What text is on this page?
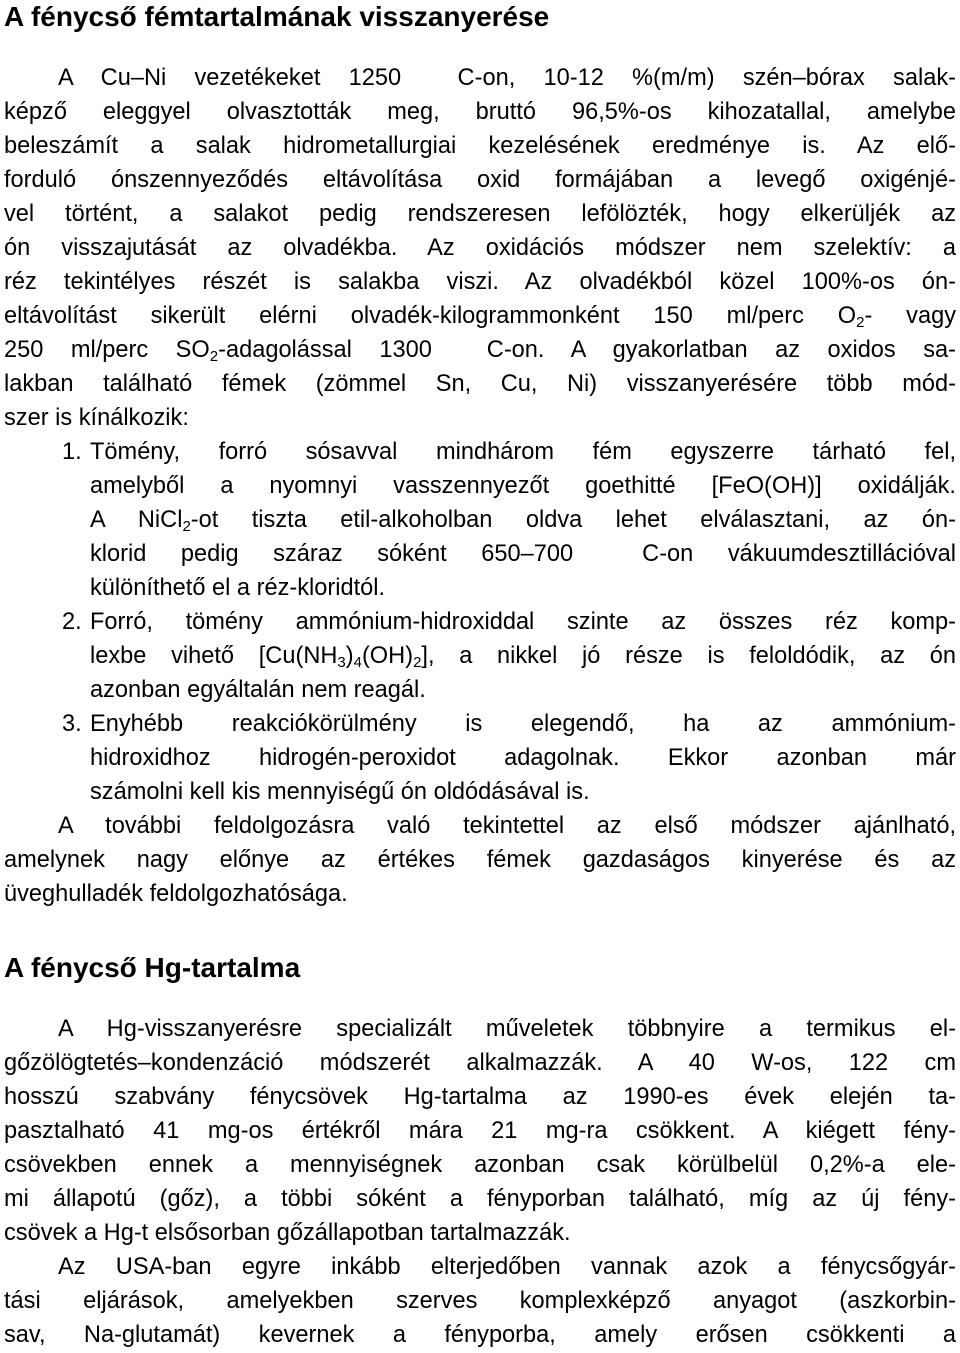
A fénycső fémtartalmának visszanyerése
A Cu–Ni vezetékeket 1250  C-on, 10-12 %(m/m) szén–bórax salak-
képző eleggyel olvasztották meg, bruttó 96,5%-os kihozatallal, amelybe
beleszámít a salak hidrometallurgiai kezelésének eredménye is. Az elő-
forduló ónszennyeződés eltávolítása oxid formájában a levegő oxigénjé-
vel történt, a salakot pedig rendszeresen lefölözték, hogy elkerüljék az
ón visszajutását az olvadékba. Az oxidációs módszer nem szelektív: a
réz tekintélyes részét is salakba viszi. Az olvadékból közel 100%-os ón-
eltávolítást sikerült elérni olvadék-kilogrammonként 150 ml/perc $O_2-$ vagy
250 ml/perc $SO_2$-adagolással 1300  C-on. A gyakorlatban az oxidos sa-
lakban található fémek (zömmel Sn, Cu, Ni) visszanyerésére több mód-
szer is kínálkozik:
1. Tömény, forró sósavval mindhárom fém egyszerre tárható fel,
amelyből a nyomnyi vasszennyezőt goethitté [FeO(OH)] oxidálják.
A NiCl$_2$-ot tiszta etil-alkoholban oldva lehet elválasztani, az ón-
klorid pedig száraz sóként 650–700  C-on vákuumdesztillációval
különíthető el a réz-kloridtól.
2. Forró, tömény ammónium-hidroxiddal szinte az összes réz komp-
lexbe vihető $[Cu(NH_3)_4(OH)_2]$, a nikkel jó része is feloldódik, az ón
azonban egyáltalán nem reagál.
3. Enyhébb reakciókörülmény is elegendő, ha az ammónium-
hidroxidhoz hidrogén-peroxidot adagolnak. Ekkor azonban már
számolni kell kis mennyiségű ón oldódásával is.
A további feldolgozásra való tekintettel az első módszer ajánlható,
amelynek nagy előnye az értékes fémek gazdaságos kinyerése és az
üveghulladék feldolgozhatósága.
A fénycső Hg-tartalma
A Hg-visszanyerésre specializált műveletek többnyire a termikus el-
gőzölögtetés–kondenzáció módszerét alkalmazzák. A 40 W-os, 122 cm
hosszú szabvány fénycsövek Hg-tartalma az 1990-es évek elején ta-
pasztalható 41 mg-os értékről mára 21 mg-ra csökkent. A kiégett fény-
csövekben ennek a mennyiségnek azonban csak körülbelül 0,2%-a ele-
mi állapotú (gőz), a többi sóként a fényporban található, míg az új fény-
csövek a Hg-t elsősorban gőzállapotban tartalmazzák.
Az USA-ban egyre inkább elterjedőben vannak azok a fénycsőgyár-
tási eljárások, amelyekben szerves komplexképző anyagot (aszkorbin-
sav, Na-glutamát) kevernek a fényporba, amely erősen csökkenti a
